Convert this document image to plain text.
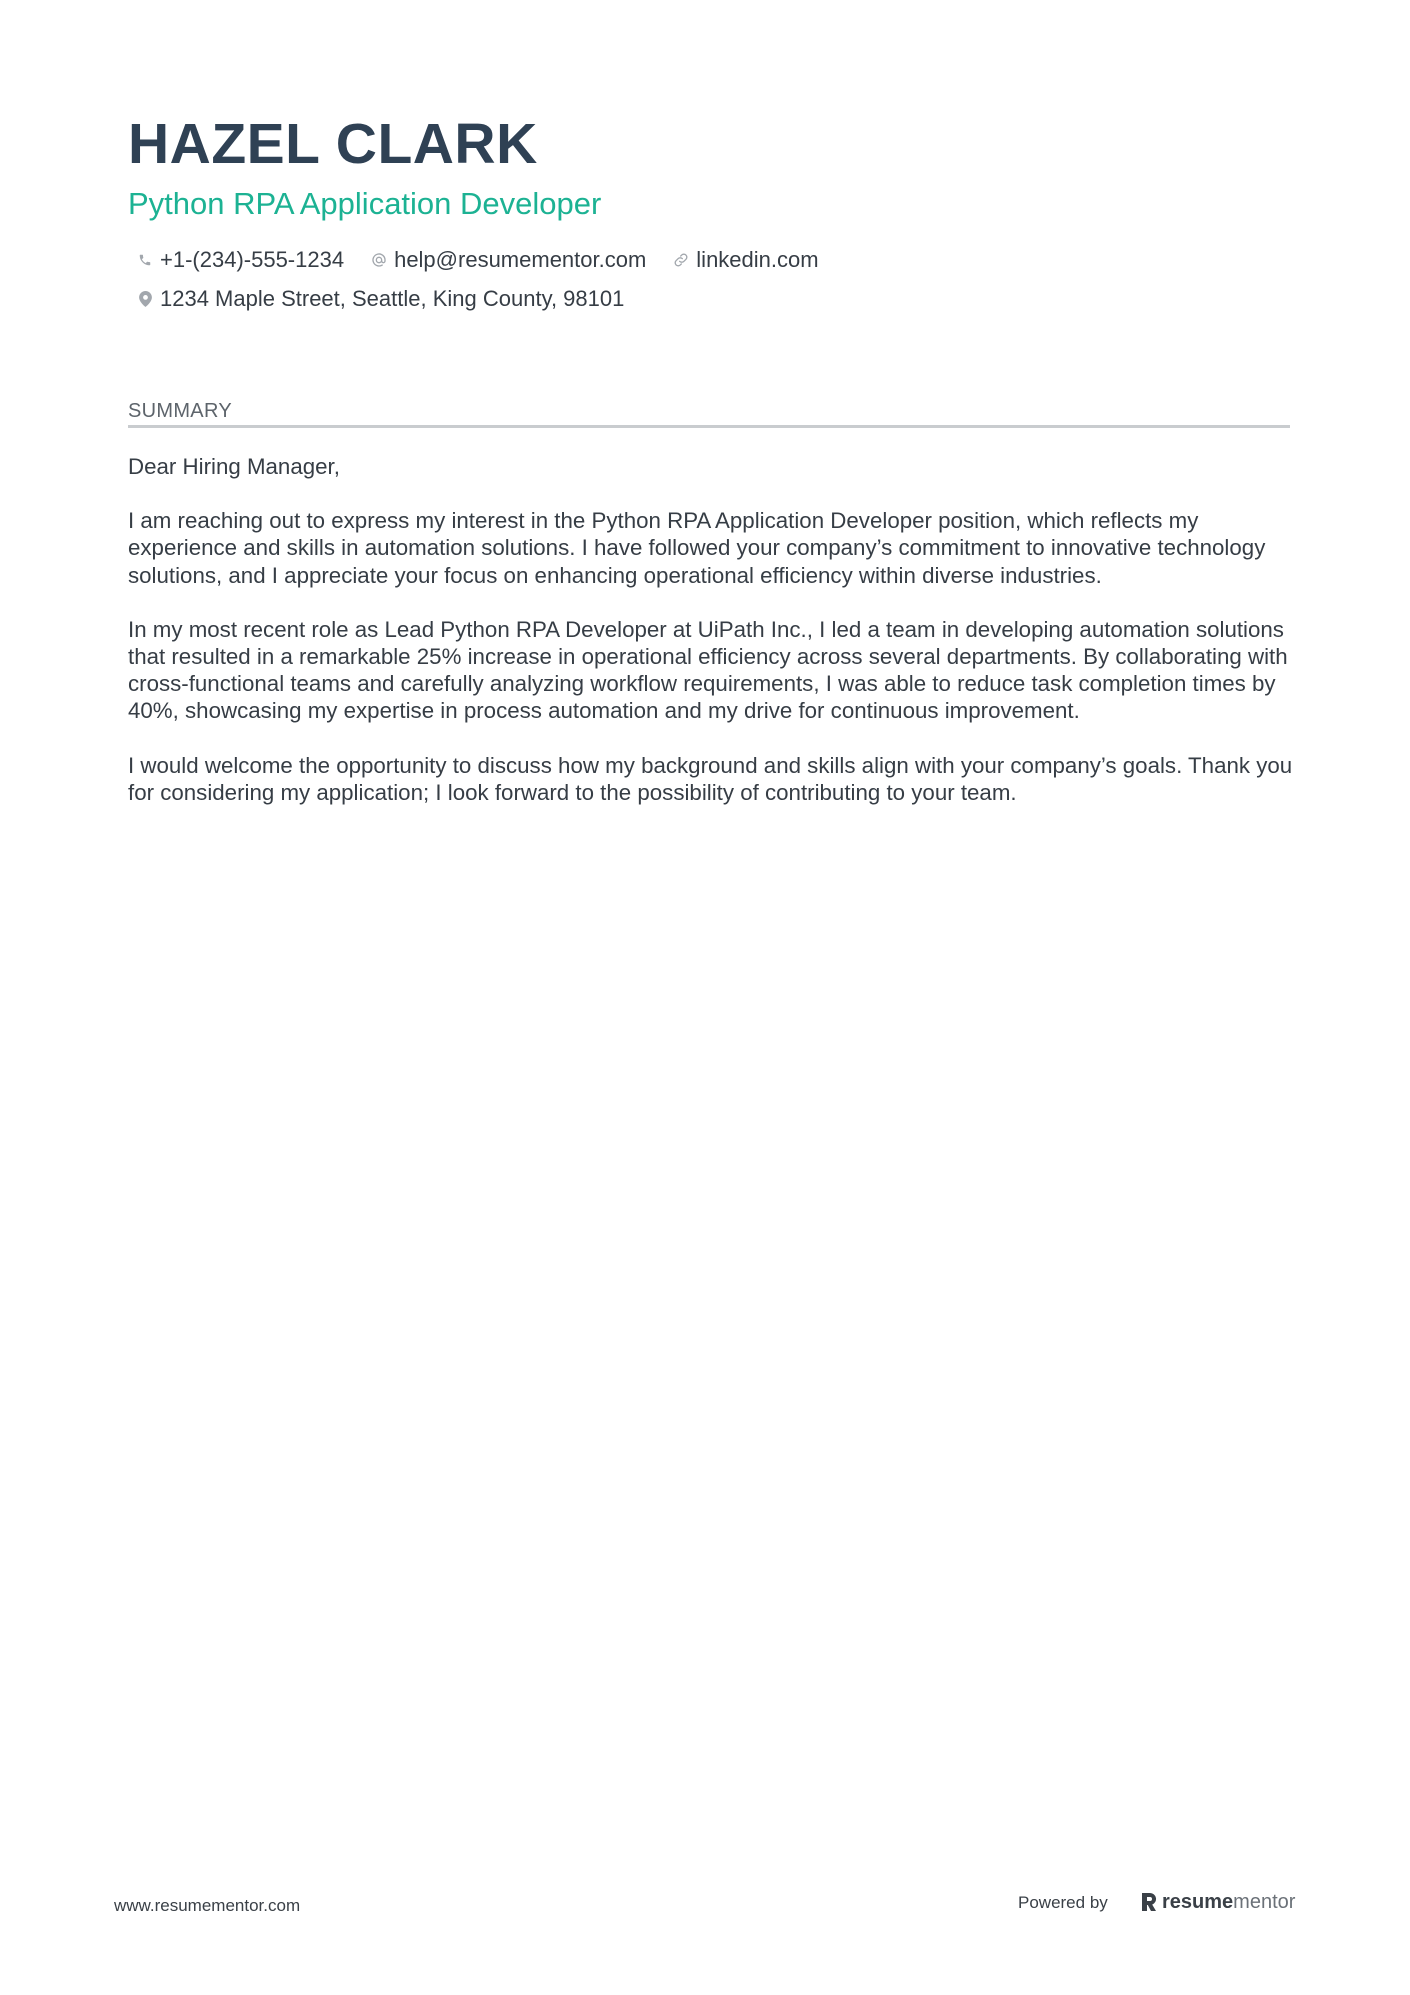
HAZEL CLARK
Python RPA Application Developer
+1-(234)-555-1234 help@resumementor.com linkedin.com
1234 Maple Street, Seattle, King County, 98101
SUMMARY

Dear Hiring Manager,

I am reaching out to express my interest in the Python RPA Application Developer position, which reflects my experience and skills in automation solutions. I have followed your company’s commitment to innovative technology solutions, and I appreciate your focus on enhancing operational efficiency within diverse industries.

In my most recent role as Lead Python RPA Developer at UiPath Inc., I led a team in developing automation solutions that resulted in a remarkable 25% increase in operational efficiency across several departments. By collaborating with cross-functional teams and carefully analyzing workflow requirements, I was able to reduce task completion times by 40%, showcasing my expertise in process automation and my drive for continuous improvement.

I would welcome the opportunity to discuss how my background and skills align with your company’s goals. Thank you for considering my application; I look forward to the possibility of contributing to your team.

www.resumementor.com	Powered by	resume mentor
